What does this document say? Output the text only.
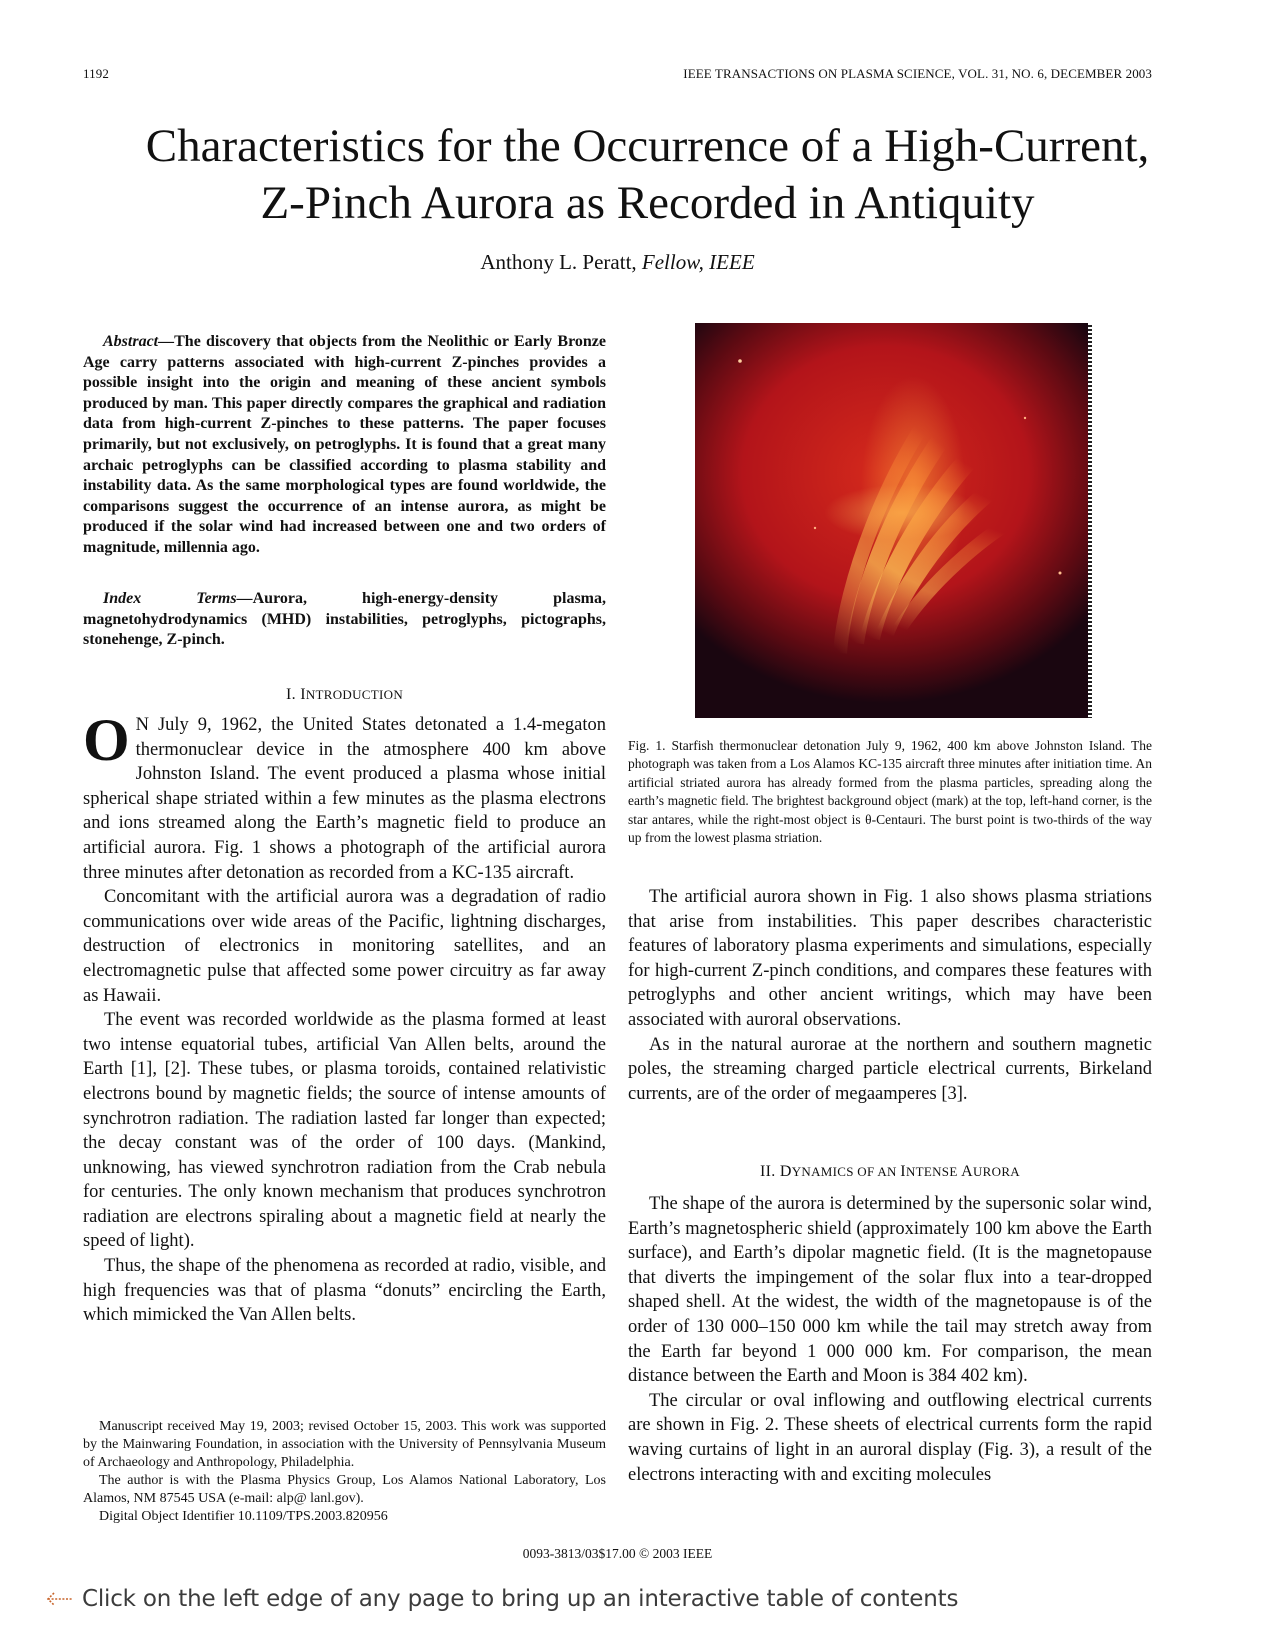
1192	IEEE TRANSACTIONS ON PLASMA SCIENCE, VOL. 31, NO. 6, DECEMBER 2003
Characteristics for the Occurrence of a High-Current,
Z-Pinch Aurora as Recorded in Antiquity
Anthony L. Peratt, Fellow, IEEE

Abstract—The discovery that objects from the Neolithic or Early Bronze Age carry patterns associated with high-current Z-pinches provides a possible insight into the origin and meaning of these ancient symbols produced by man. This paper directly compares the graphical and radiation data from high-current Z-pinches to these patterns. The paper focuses primarily, but not exclusively, on petroglyphs. It is found that a great many archaic petroglyphs can be classified according to plasma stability and instability data. As the same morphological types are found worldwide, the comparisons suggest the occurrence of an intense aurora, as might be produced if the solar wind had increased between one and two orders of magnitude, millennia ago.

Index Terms—Aurora, high-energy-density plasma, magnetohydrodynamics (MHD) instabilities, petroglyphs, pictographs, stonehenge, Z-pinch.

I. INTRODUCTION

O N July 9, 1962, the United States detonated a 1.4-megaton thermonuclear device in the atmosphere 400 km above Johnston Island. The event produced a plasma whose initial spherical shape striated within a few minutes as the plasma electrons and ions streamed along the Earth’s magnetic field to produce an artificial aurora. Fig. 1 shows a photograph of the artificial aurora three minutes after detonation as recorded from a KC-135 aircraft.

Concomitant with the artificial aurora was a degradation of radio communications over wide areas of the Pacific, lightning discharges, destruction of electronics in monitoring satellites, and an electromagnetic pulse that affected some power circuitry as far away as Hawaii.

The event was recorded worldwide as the plasma formed at least two intense equatorial tubes, artificial Van Allen belts, around the Earth [1], [2]. These tubes, or plasma toroids, contained relativistic electrons bound by magnetic fields; the source of intense amounts of synchrotron radiation. The radiation lasted far longer than expected; the decay constant was of the order of 100 days. (Mankind, unknowing, has viewed synchrotron radiation from the Crab nebula for centuries. The only known mechanism that produces synchrotron radiation are electrons spiraling about a magnetic field at nearly the speed of light).

Thus, the shape of the phenomena as recorded at radio, visible, and high frequencies was that of plasma “donuts” encircling the Earth, which mimicked the Van Allen belts.

Manuscript received May 19, 2003; revised October 15, 2003. This work was supported by the Mainwaring Foundation, in association with the University of Pennsylvania Museum of Archaeology and Anthropology, Philadelphia.

The author is with the Plasma Physics Group, Los Alamos National Laboratory, Los Alamos, NM 87545 USA (e-mail: alp@ lanl.gov).

Digital Object Identifier 10.1109/TPS.2003.820956

Fig. 1. Starfish thermonuclear detonation July 9, 1962, 400 km above Johnston Island. The photograph was taken from a Los Alamos KC-135 aircraft three minutes after initiation time. An artificial striated aurora has already formed from the plasma particles, spreading along the earth’s magnetic field. The brightest background object (mark) at the top, left-hand corner, is the star antares, while the right-most object is θ-Centauri. The burst point is two-thirds of the way up from the lowest plasma striation.

The artificial aurora shown in Fig. 1 also shows plasma striations that arise from instabilities. This paper describes characteristic features of laboratory plasma experiments and simulations, especially for high-current Z-pinch conditions, and compares these features with petroglyphs and other ancient writings, which may have been associated with auroral observations.

As in the natural aurorae at the northern and southern magnetic poles, the streaming charged particle electrical currents, Birkeland currents, are of the order of megaamperes [3].

II. DYNAMICS OF AN INTENSE AURORA

The shape of the aurora is determined by the supersonic solar wind, Earth’s magnetospheric shield (approximately 100 km above the Earth surface), and Earth’s dipolar magnetic field. (It is the magnetopause that diverts the impingement of the solar flux into a tear-dropped shaped shell. At the widest, the width of the magnetopause is of the order of 130 000–150 000 km while the tail may stretch away from the Earth far beyond 1 000 000 km. For comparison, the mean distance between the Earth and Moon is 384 402 km).

The circular or oval inflowing and outflowing electrical currents are shown in Fig. 2. These sheets of electrical currents form the rapid waving curtains of light in an auroral display (Fig. 3), a result of the electrons interacting with and exciting molecules

0093-3813/03$17.00 © 2003 IEEE
Click on the left edge of any page to bring up an interactive table of contents
